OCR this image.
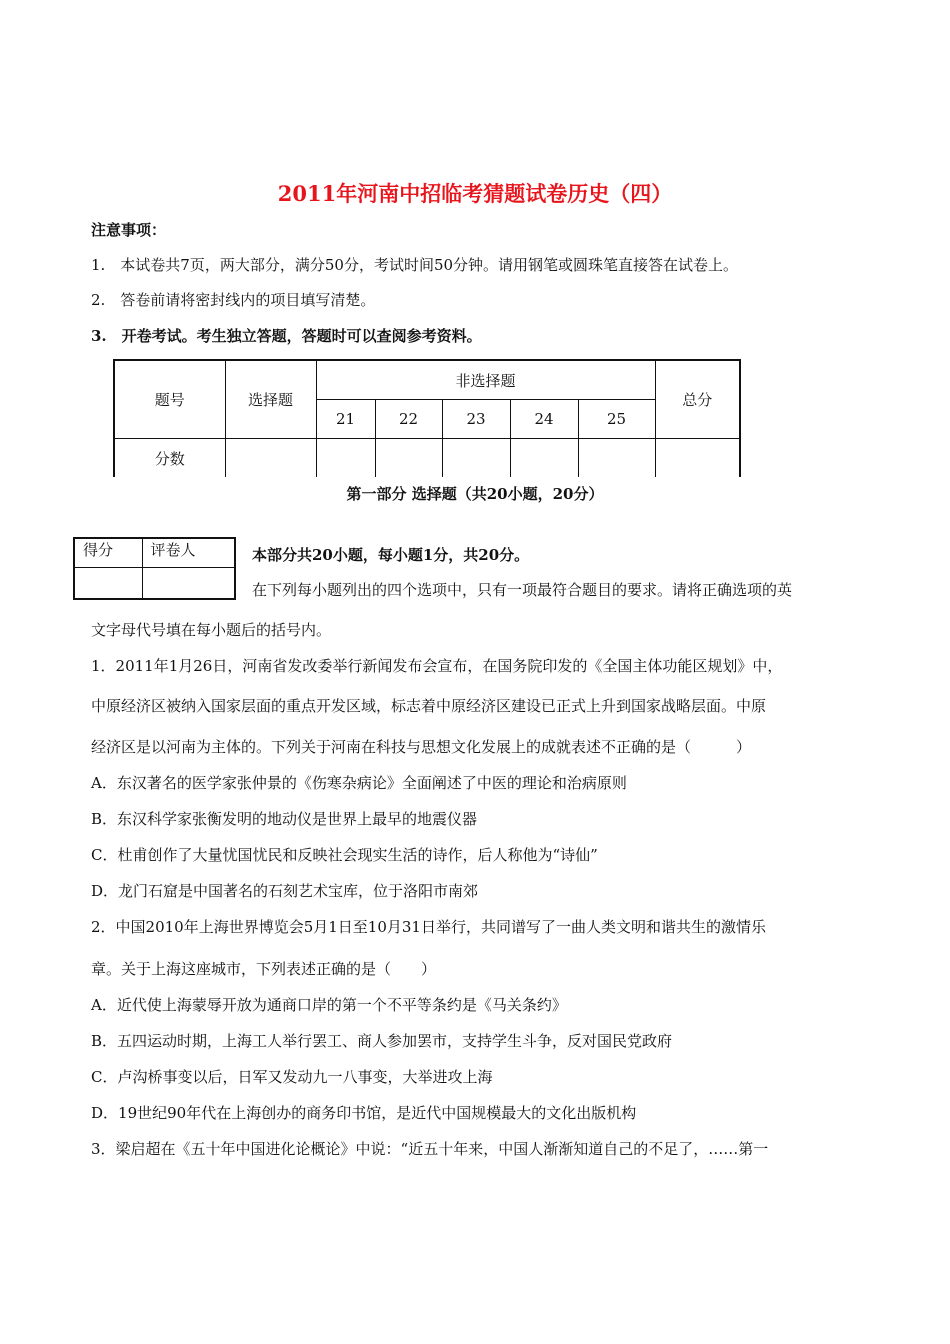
2011年河南中招临考猜题试卷历史（四）
注意事项：
1.　本试卷共7页，两大部分，满分50分，考试时间50分钟。请用钢笔或圆珠笔直接答在试卷上。
2.　答卷前请将密封线内的项目填写清楚。
3.　开卷考试。考生独立答题，答题时可以查阅参考资料。
题号	选择题	非选择题					总分
		21	22	23	24	25	
分数							
第一部分 选择题（共20小题，20分）
得分	评卷人
		本部分共20小题，每小题1分，共20分。
在下列每小题列出的四个选项中，只有一项最符合题目的要求。请将正确选项的英
文字母代号填在每小题后的括号内。
1．2011年1月26日，河南省发改委举行新闻发布会宣布，在国务院印发的《全国主体功能区规划》中，
中原经济区被纳入国家层面的重点开发区域，标志着中原经济区建设已正式上升到国家战略层面。中原
经济区是以河南为主体的。下列关于河南在科技与思想文化发展上的成就表述不正确的是（　　　）
A．东汉著名的医学家张仲景的《伤寒杂病论》全面阐述了中医的理论和治病原则
B．东汉科学家张衡发明的地动仪是世界上最早的地震仪器
C．杜甫创作了大量忧国忧民和反映社会现实生活的诗作，后人称他为“诗仙”
D．龙门石窟是中国著名的石刻艺术宝库，位于洛阳市南郊
2．中国2010年上海世界博览会5月1日至10月31日举行，共同谱写了一曲人类文明和谐共生的激情乐
章。关于上海这座城市，下列表述正确的是（　　）
A．近代使上海蒙辱开放为通商口岸的第一个不平等条约是《马关条约》
B．五四运动时期，上海工人举行罢工、商人参加罢市，支持学生斗争，反对国民党政府
C．卢沟桥事变以后，日军又发动九一八事变，大举进攻上海
D．19世纪90年代在上海创办的商务印书馆，是近代中国规模最大的文化出版机构
3．梁启超在《五十年中国进化论概论》中说：“近五十年来，中国人渐渐知道自己的不足了，……第一
